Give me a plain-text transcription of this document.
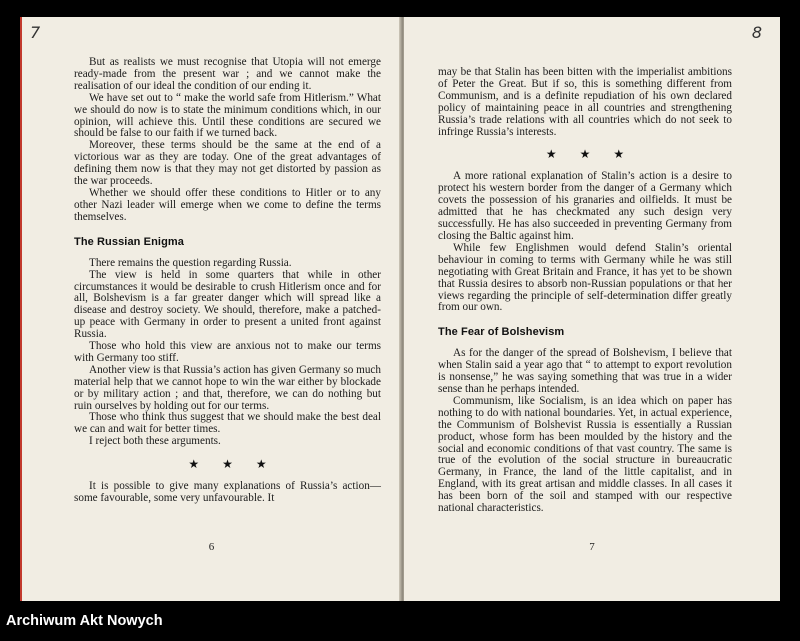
7

But as realists we must recognise that Utopia will not emerge ready-made from the present war ; and we cannot make the realisation of our ideal the condition of our ending it.

We have set out to “ make the world safe from Hitlerism.” What we should do now is to state the minimum conditions which, in our opinion, will achieve this. Until these conditions are secured we should be false to our faith if we turned back.

Moreover, these terms should be the same at the end of a victorious war as they are today. One of the great advantages of defining them now is that they may not get distorted by passion as the war proceeds.

Whether we should offer these conditions to Hitler or to any other Nazi leader will emerge when we come to define the terms themselves.

The Russian Enigma

There remains the question regarding Russia.

The view is held in some quarters that while in other circumstances it would be desirable to crush Hitlerism once and for all, Bolshevism is a far greater danger which will spread like a disease and destroy society. We should, therefore, make a patched-up peace with Germany in order to present a united front against Russia.

Those who hold this view are anxious not to make our terms with Germany too stiff.

Another view is that Russia’s action has given Germany so much material help that we cannot hope to win the war either by blockade or by military action ; and that, therefore, we can do nothing but ruin ourselves by holding out for our terms.

Those who think thus suggest that we should make the best deal we can and wait for better times.

I reject both these arguments.

★ ★ ★

It is possible to give many explanations of Russia’s action—some favourable, some very unfavourable. It

6
8

may be that Stalin has been bitten with the imperialist ambitions of Peter the Great. But if so, this is something different from Communism, and is a definite repudiation of his own declared policy of maintaining peace in all countries and strengthening Russia’s trade relations with all countries which do not seek to infringe Russia’s interests.

★ ★ ★

A more rational explanation of Stalin’s action is a desire to protect his western border from the danger of a Germany which covets the possession of his granaries and oilfields. It must be admitted that he has checkmated any such design very successfully. He has also succeeded in preventing Germany from closing the Baltic against him.

While few Englishmen would defend Stalin’s oriental behaviour in coming to terms with Germany while he was still negotiating with Great Britain and France, it has yet to be shown that Russia desires to absorb non-Russian populations or that her views regarding the principle of self-determination differ greatly from our own.

The Fear of Bolshevism

As for the danger of the spread of Bolshevism, I believe that when Stalin said a year ago that “ to attempt to export revolution is nonsense,” he was saying something that was true in a wider sense than he perhaps intended.

Communism, like Socialism, is an idea which on paper has nothing to do with national boundaries. Yet, in actual experience, the Communism of Bolshevist Russia is essentially a Russian product, whose form has been moulded by the history and the social and economic conditions of that vast country. The same is true of the evolution of the social structure in bureaucratic Germany, in France, the land of the little capitalist, and in England, with its great artisan and middle classes. In all cases it has been born of the soil and stamped with our respective national characteristics.

7
Archiwum Akt Nowych
